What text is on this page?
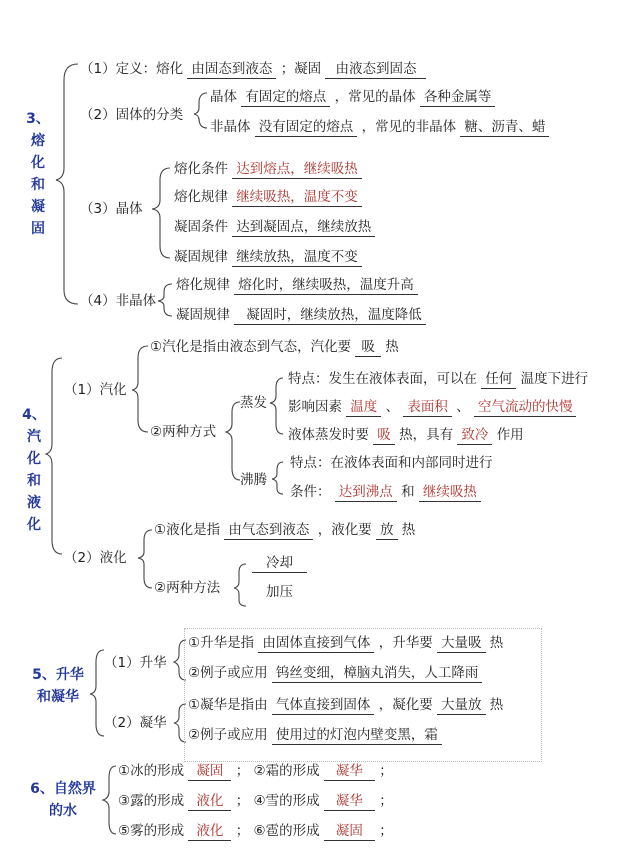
3、熔化和凝固
（1）定义：熔化 由固态到液态 ；凝固 由液态到固态
（2）固体的分类
晶体 有固定的熔点 ，常见的晶体 各种金属等
非晶体 没有固定的熔点 ，常见的非晶体 糖、沥青、蜡
（3）晶体
熔化条件 达到熔点，继续吸热
熔化规律 继续吸热，温度不变
凝固条件 达到凝固点，继续放热
凝固规律 继续放热，温度不变
（4）非晶体
熔化规律 熔化时，继续吸热，温度升高
凝固规律 凝固时，继续放热，温度降低
4、汽化和液化
（1）汽化
①汽化是指由液态到气态，汽化要 吸 热
②两种方式
蒸发
特点：发生在液体表面，可以在 任何 温度下进行
影响因素 温度 、 表面积 、 空气流动的快慢
液体蒸发时要 吸 热，具有 致冷 作用
沸腾
特点：在液体表面和内部同时进行
条件： 达到沸点 和 继续吸热
（2）液化
①液化是指 由气态到液态 ，液化要 放 热
②两种方法
冷却
加压
5、升华和凝华
（1）升华
①升华是指 由固体直接到气体 ，升华要 大量吸 热
②例子或应用 钨丝变细，樟脑丸消失，人工降雨
（2）凝华
①凝华是指由 气体直接到固体 ，凝化要 大量放 热
②例子或应用 使用过的灯泡内壁变黑，霜
6、自然界的水
①冰的形成 凝固 ； ②霜的形成 凝华 ；
③露的形成 液化 ； ④雪的形成 凝华 ；
⑤雾的形成 液化 ； ⑥雹的形成 凝固 ；
